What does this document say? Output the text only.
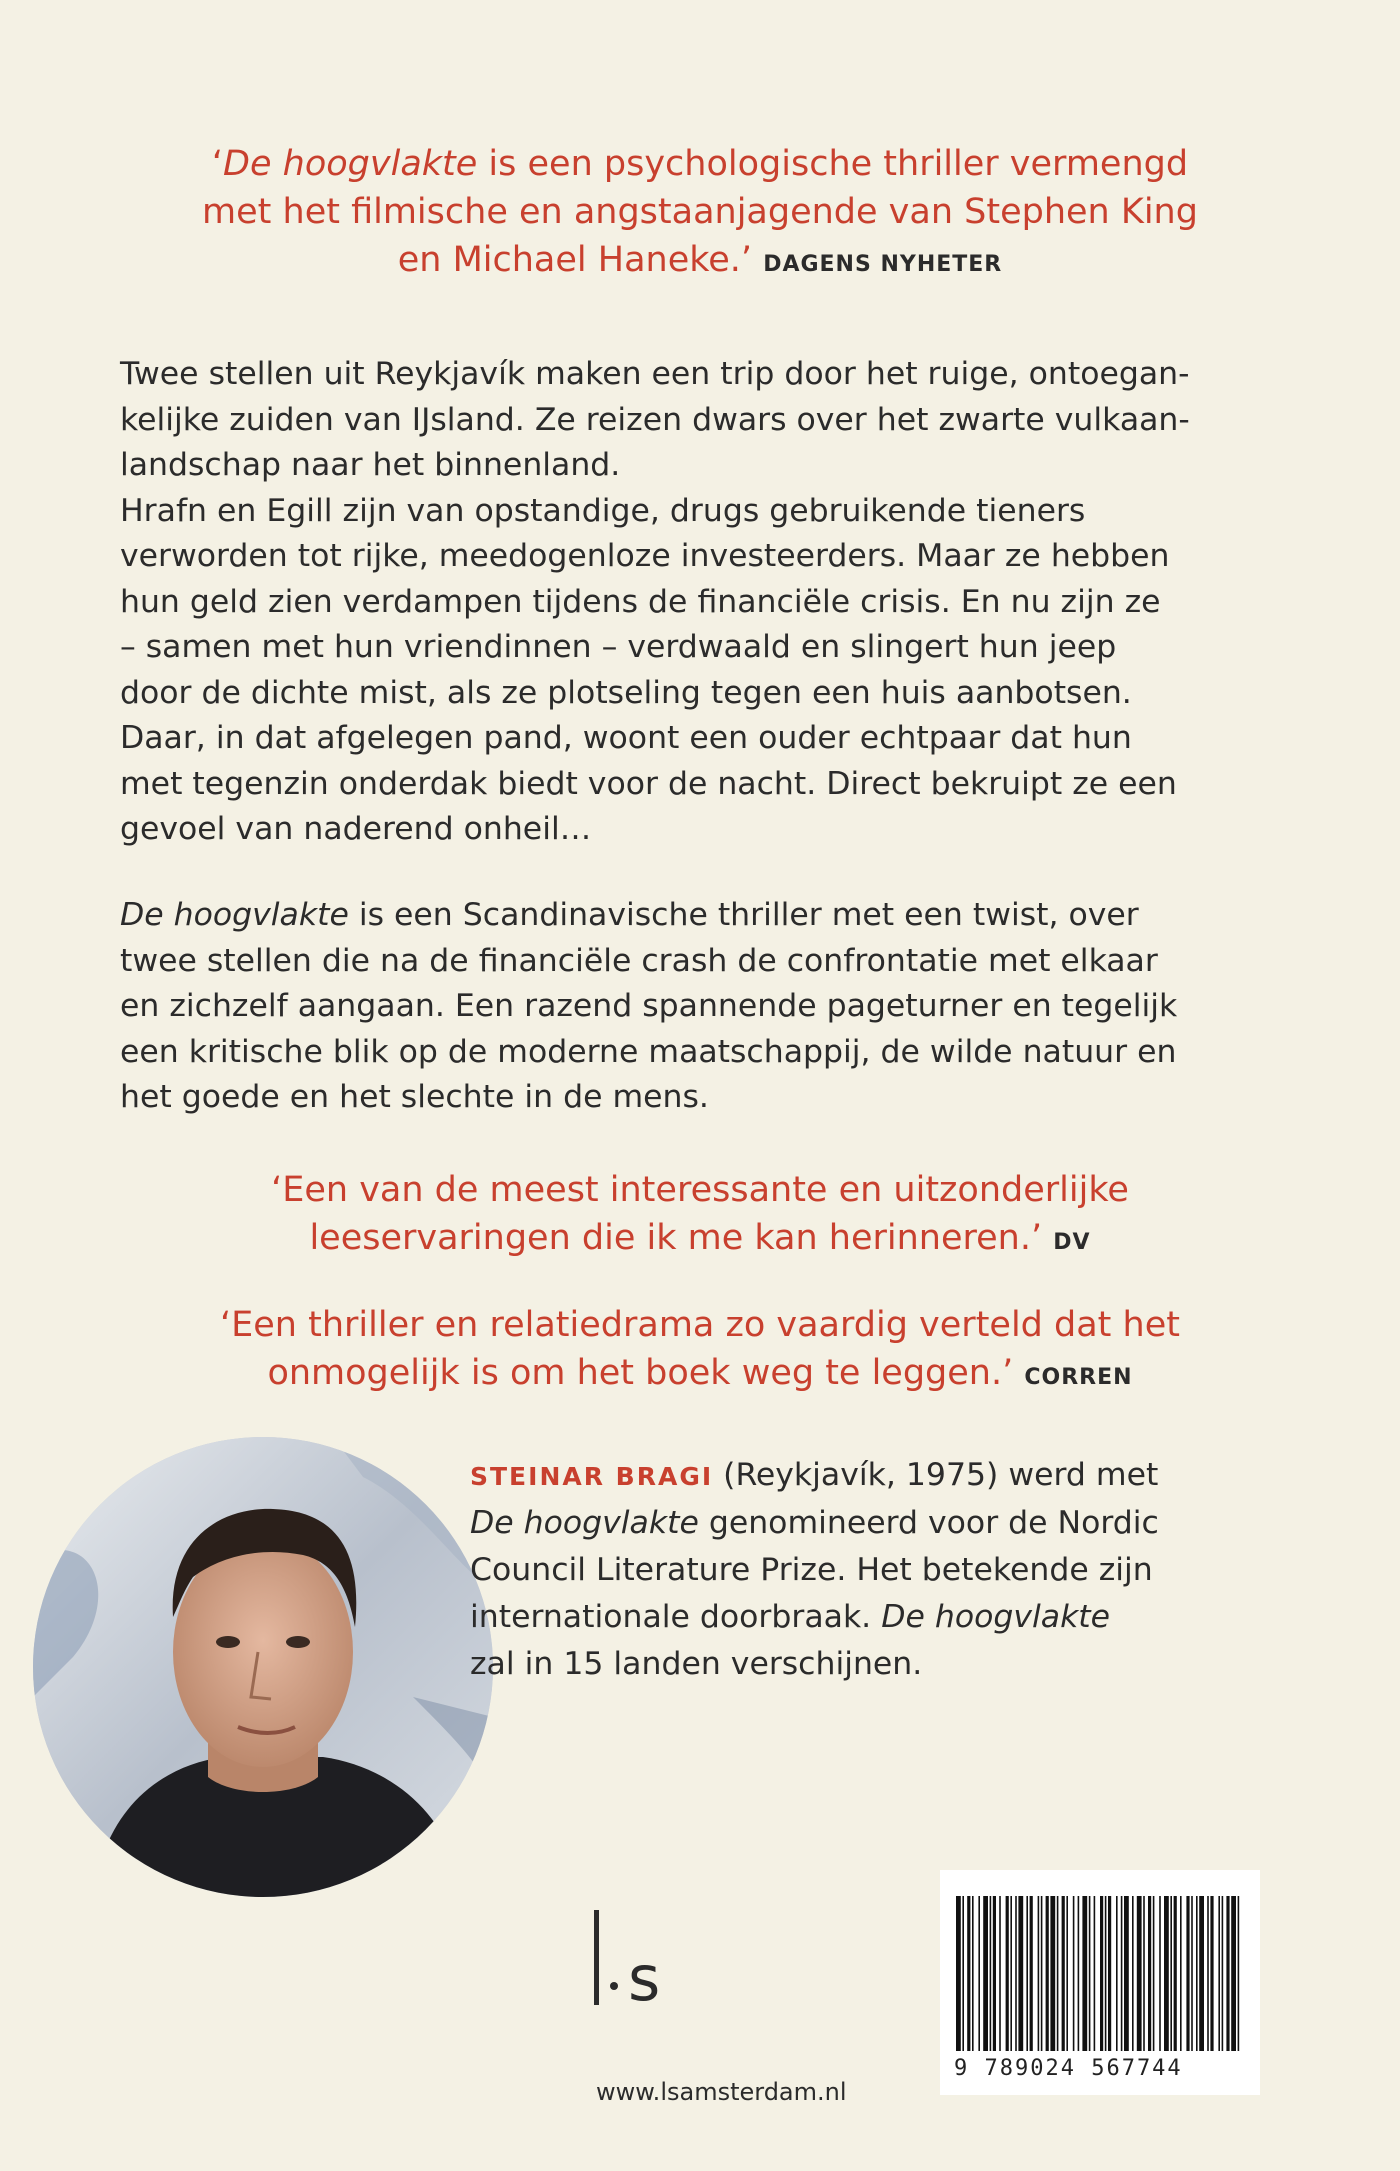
‘De hoogvlakte is een psychologische thriller vermengd
met het filmische en angstaanjagende van Stephen King
en Michael Haneke.’ DAGENS NYHETER

Twee stellen uit Reykjavík maken een trip door het ruige, ontoegan-

kelijke zuiden van IJsland. Ze reizen dwars over het zwarte vulkaan-

landschap naar het binnenland.

Hrafn en Egill zijn van opstandige, drugs gebruikende tieners

verworden tot rijke, meedogenloze investeerders. Maar ze hebben

hun geld zien verdampen tijdens de financiële crisis. En nu zijn ze

– samen met hun vriendinnen – verdwaald en slingert hun jeep

door de dichte mist, als ze plotseling tegen een huis aanbotsen.

Daar, in dat afgelegen pand, woont een ouder echtpaar dat hun

met tegenzin onderdak biedt voor de nacht. Direct bekruipt ze een

gevoel van naderend onheil…

De hoogvlakte is een Scandinavische thriller met een twist, over

twee stellen die na de financiële crash de confrontatie met elkaar

en zichzelf aangaan. Een razend spannende pageturner en tegelijk

een kritische blik op de moderne maatschappij, de wilde natuur en

het goede en het slechte in de mens.

‘Een van de meest interessante en uitzonderlijke
leeservaringen die ik me kan herinneren.’ DV
‘Een thriller en relatiedrama zo vaardig verteld dat het
onmogelijk is om het boek weg te leggen.’ CORREN
STEINAR BRAGI (Reykjavík, 1975) werd met
De hoogvlakte genomineerd voor de Nordic
Council Literature Prize. Het betekende zijn
internationale doorbraak. De hoogvlakte
zal in 15 landen verschijnen.
s
www.lsamsterdam.nl
9 789024 567744
